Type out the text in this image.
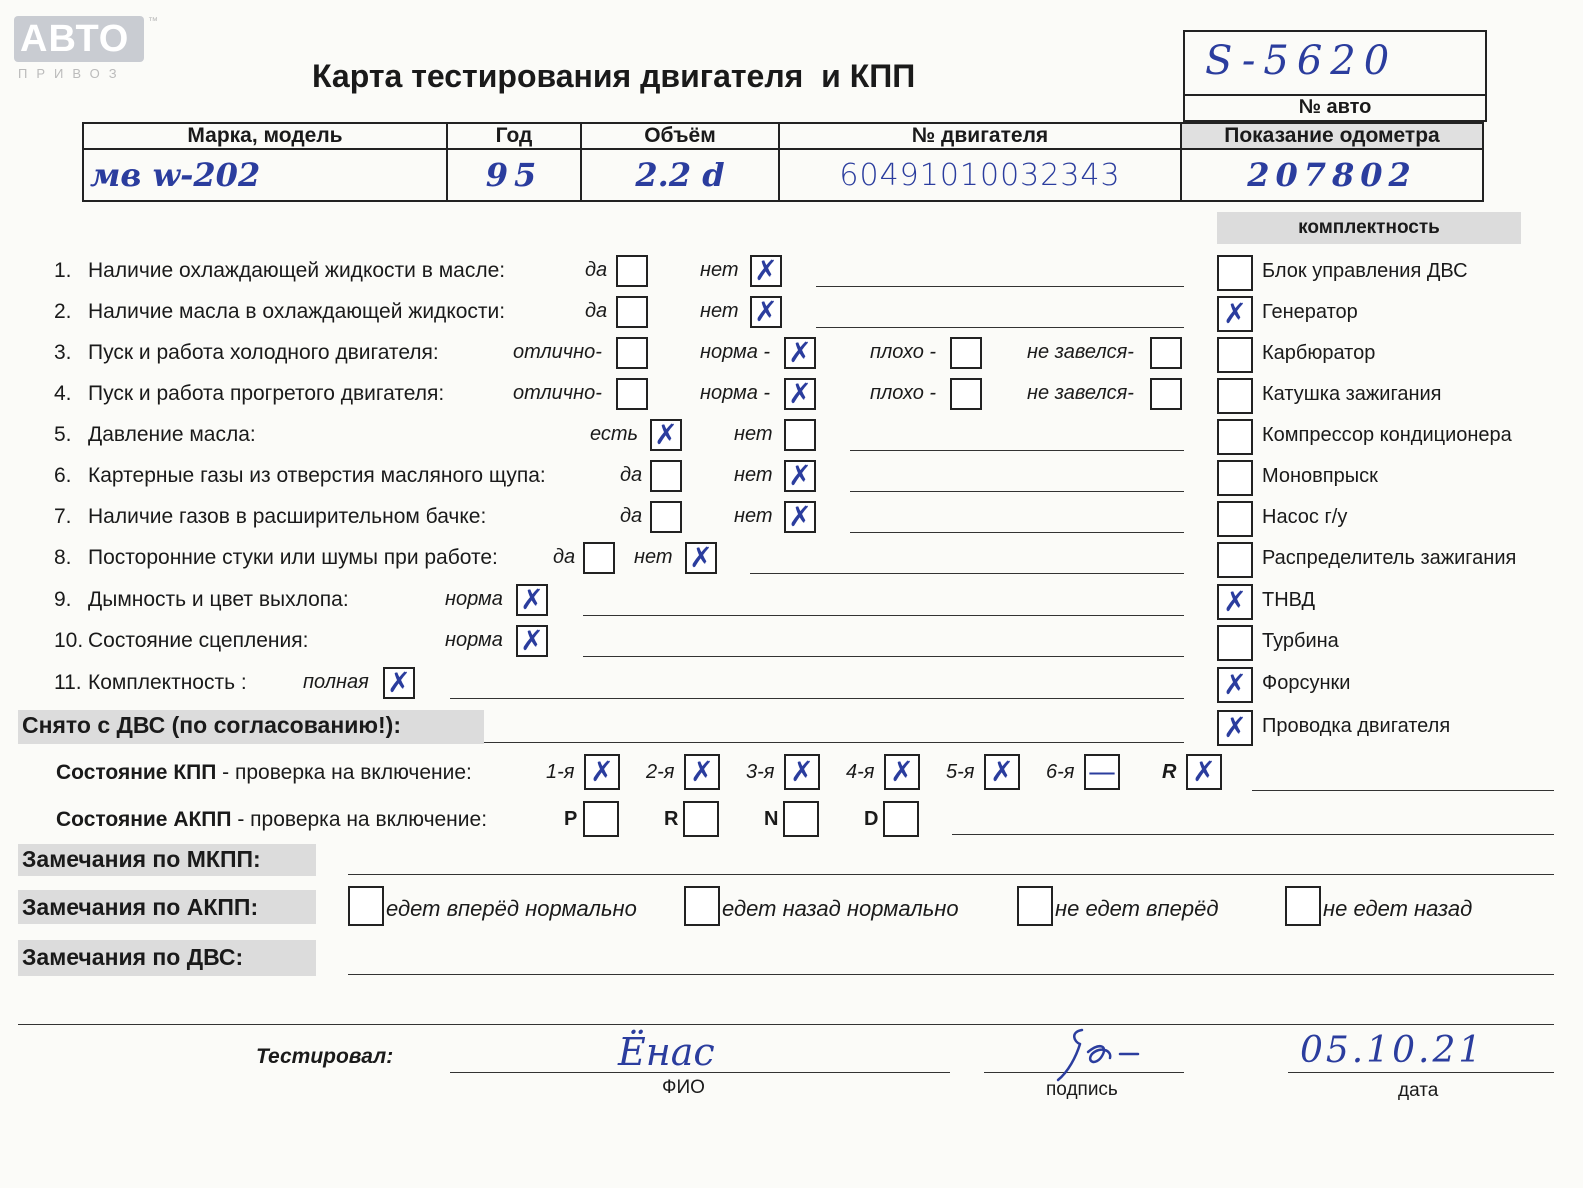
АВТО
ПРИВОЗ
™
Карта тестирования двигателя  и КПП	S-5620
№ авто
Марка, модель	Год	Объём	№ двигателя	Показание одометра
мв w-202	95	2.2 d	60491010032343	207802
комплектность
1. Наличие охлаждающей жидкости в масле:	да	нет ✗
2. Наличие масла в охлаждающей жидкости:	да	нет ✗
3. Пуск и работа холодного двигателя:	отлично-	норма - ✗	плохо -	не завелся-
4. Пуск и работа прогретого двигателя:	отлично-	норма - ✗	плохо -	не завелся-
5. Давление масла:	есть ✗	нет
6. Картерные газы из отверстия масляного щупа:	да	нет ✗
7. Наличие газов в расширительном бачке:	да	нет ✗
8. Посторонние стуки или шумы при работе:	да	нет ✗
9. Дымность и цвет выхлопа:	норма ✗
10. Состояние сцепления:	норма ✗
11. Комплектность :	полная ✗
Блок управления ДВС
✗ Генератор
Карбюратор
Катушка зажигания
Компрессор кондиционера
Моновпрыск
Насос г/у
Распределитель зажигания
✗ ТНВД
Турбина
✗ Форсунки
✗ Проводка двигателя
Снято с ДВС (по согласованию!):
Состояние КПП - проверка на включение:	1-я ✗ 2-я ✗ 3-я ✗ 4-я ✗ 5-я ✗ 6-я — R ✗
Состояние АКПП - проверка на включение:	P	R	N	D
Замечания по МКПП:
Замечания по АКПП:	едет вперёд нормально	едет назад нормально	не едет вперёд	не едет назад
Замечания по ДВС:
Тестировал:	Ёнас
ФИО	подпись
05.10.21
дата
